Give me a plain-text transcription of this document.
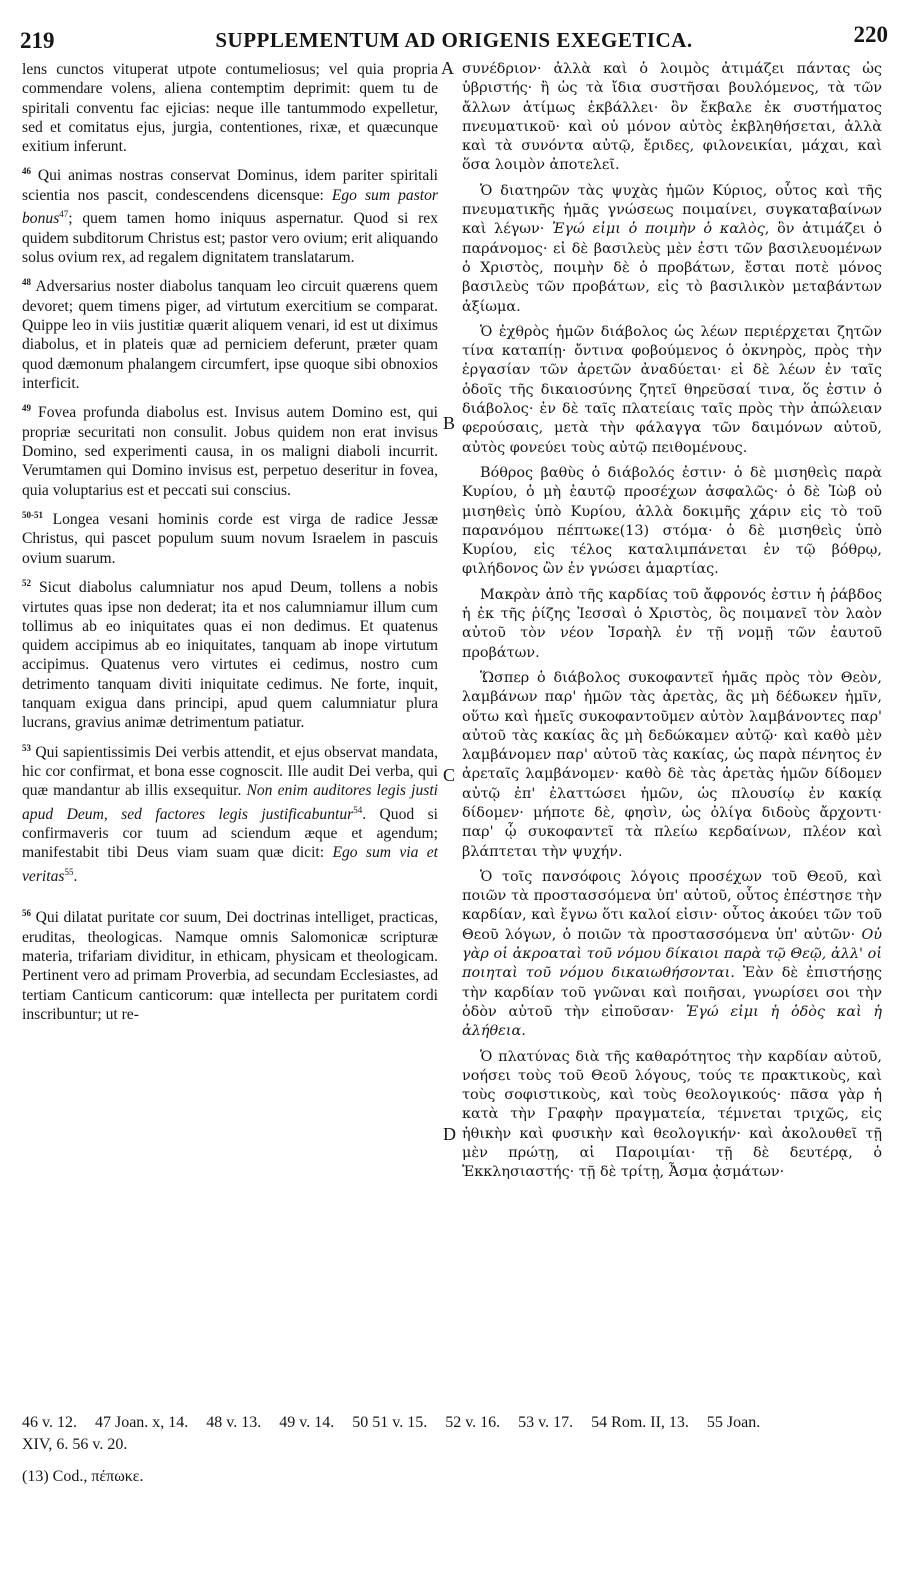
219	SUPPLEMENTUM AD ORIGENIS EXEGETICA.	220

lens cunctos vituperat utpote contumeliosus; vel quia propria commendare volens, aliena contemptim deprimit: quem tu de spiritali conventu fac ejicias: neque ille tantummodo expelletur, sed et comitatus ejus, jurgia, contentiones, rixæ, et quæcunque exitium inferunt.

$^{46}$ Qui animas nostras conservat Dominus, idem pariter spiritali scientia nos pascit, condescendens dicensque: Ego sum pastor bonus$^{47}$; quem tamen homo iniquus aspernatur. Quod si rex quidem subditorum Christus est; pastor vero ovium; erit aliquando solus ovium rex, ad regalem dignitatem translatarum.

$^{48}$ Adversarius noster diabolus tanquam leo circuit quærens quem devoret; quem timens piger, ad virtutum exercitium se comparat. Quippe leo in viis justitiæ quærit aliquem venari, id est ut diximus diabolus, et in plateis quæ ad perniciem deferunt, præter quam quod dæmonum phalangem circumfert, ipse quoque sibi obnoxios interficit.

$^{49}$ Fovea profunda diabolus est. Invisus autem Domino est, qui propriæ securitati non consulit. Jobus quidem non erat invisus Domino, sed experimenti causa, in os maligni diaboli incurrit. Verumtamen qui Domino invisus est, perpetuo deseritur in fovea, quia voluptarius est et peccati sui conscius.

$^{50-51}$ Longea vesani hominis corde est virga de radice Jessæ Christus, qui pascet populum suum novum Israelem in pascuis ovium suarum.

$^{52}$ Sicut diabolus calumniatur nos apud Deum, tollens a nobis virtutes quas ipse non dederat; ita et nos calumniamur illum cum tollimus ab eo iniquitates quas ei non dedimus. Et quatenus quidem accipimus ab eo iniquitates, tanquam ab inope virtutum accipimus. Quatenus vero virtutes ei cedimus, nostro cum detrimento tanquam diviti iniquitate cedimus. Ne forte, inquit, tanquam exigua dans principi, apud quem calumniatur plura lucrans, gravius animæ detrimentum patiatur.

$^{53}$ Qui sapientissimis Dei verbis attendit, et ejus observat mandata, hic cor confirmat, et bona esse cognoscit. Ille audit Dei verba, qui quæ mandantur ab illis exsequitur. Non enim auditores legis justi apud Deum, sed factores legis justificabuntur$^{54}$. Quod si confirmaveris cor tuum ad sciendum æque et agendum; manifestabit tibi Deus viam suam quæ dicit: Ego sum via et veritas$^{55}$.

$^{56}$ Qui dilatat puritate cor suum, Dei doctrinas intelliget, practicas, eruditas, theologicas. Namque omnis Salomonicæ scripturæ materia, trifariam dividitur, in ethicam, physicam et theologicam. Pertinent vero ad primam Proverbia, ad secundam Ecclesiastes, ad tertiam Canticum canticorum: quæ intellecta per puritatem cordi inscribuntur; ut re-

A
B
C
D

συνέδριον· ἀλλὰ καὶ ὁ λοιμὸς ἀτιμάζει πάντας ὡς ὑβριστής· ἢ ὡς τὰ ἴδια συστῆσαι βουλόμενος, τὰ τῶν ἄλλων ἀτίμως ἐκβάλλει· ὃν ἔκβαλε ἐκ συστήματος πνευματικοῦ· καὶ οὐ μόνον αὐτὸς ἐκβληθήσεται, ἀλλὰ καὶ τὰ συνόντα αὐτῷ, ἔριδες, φιλονεικίαι, μάχαι, καὶ ὅσα λοιμὸν ἀποτελεῖ.

Ὁ διατηρῶν τὰς ψυχὰς ἡμῶν Κύριος, οὗτος καὶ τῆς πνευματικῆς ἡμᾶς γνώσεως ποιμαίνει, συγκαταβαίνων καὶ λέγων· Ἐγώ εἰμι ὁ ποιμὴν ὁ καλὸς, ὃν ἀτιμάζει ὁ παράνομος· εἰ δὲ βασιλεὺς μὲν ἐστι τῶν βασιλευομένων ὁ Χριστὸς, ποιμὴν δὲ ὁ προβάτων, ἔσται ποτὲ μόνος βασιλεὺς τῶν προβάτων, εἰς τὸ βασιλικὸν μεταβάντων ἀξίωμα.

Ὁ ἐχθρὸς ἡμῶν διάβολος ὡς λέων περιέρχεται ζητῶν τίνα καταπίῃ· ὄντινα φοβούμενος ὁ ὀκνηρὸς, πρὸς τὴν ἐργασίαν τῶν ἀρετῶν ἀναδύεται· εἰ δὲ λέων ἐν ταῖς ὁδοῖς τῆς δικαιοσύνης ζητεῖ θηρεῦσαί τινα, ὅς ἐστιν ὁ διάβολος· ἐν δὲ ταῖς πλατείαις ταῖς πρὸς τὴν ἀπώλειαν φερούσαις, μετὰ τὴν φάλαγγα τῶν δαιμόνων αὐτοῦ, αὐτὸς φονεύει τοὺς αὐτῷ πειθομένους.

Βόθρος βαθὺς ὁ διάβολός ἐστιν· ὁ δὲ μισηθεὶς παρὰ Κυρίου, ὁ μὴ ἑαυτῷ προσέχων ἀσφαλῶς· ὁ δὲ Ἰὼβ οὐ μισηθεὶς ὑπὸ Κυρίου, ἀλλὰ δοκιμῆς χάριν εἰς τὸ τοῦ παρανόμου πέπτωκε(13) στόμα· ὁ δὲ μισηθεὶς ὑπὸ Κυρίου, εἰς τέλος καταλιμπάνεται ἐν τῷ βόθρῳ, φιλήδονος ὢν ἐν γνώσει ἁμαρτίας.

Μακρὰν ἀπὸ τῆς καρδίας τοῦ ἄφρονός ἐστιν ἡ ῥάβδος ἡ ἐκ τῆς ῥίζης Ἰεσσαὶ ὁ Χριστὸς, ὃς ποιμανεῖ τὸν λαὸν αὐτοῦ τὸν νέον Ἰσραὴλ ἐν τῇ νομῇ τῶν ἑαυτοῦ προβάτων.

Ὥσπερ ὁ διάβολος συκοφαντεῖ ἡμᾶς πρὸς τὸν Θεὸν, λαμβάνων παρ' ἡμῶν τὰς ἀρετὰς, ἃς μὴ δέδωκεν ἡμῖν, οὕτω καὶ ἡμεῖς συκοφαντοῦμεν αὐτὸν λαμβάνοντες παρ' αὐτοῦ τὰς κακίας ἃς μὴ δεδώκαμεν αὐτῷ· καὶ καθὸ μὲν λαμβάνομεν παρ' αὐτοῦ τὰς κακίας, ὡς παρὰ πένητος ἐν ἀρεταῖς λαμβάνομεν· καθὸ δὲ τὰς ἀρετὰς ἡμῶν δίδομεν αὐτῷ ἐπ' ἐλαττώσει ἡμῶν, ὡς πλουσίῳ ἐν κακίᾳ δίδομεν· μήποτε δὲ, φησὶν, ὡς ὀλίγα διδοὺς ἄρχοντι· παρ' ᾧ συκοφαντεῖ τὰ πλείω κερδαίνων, πλέον καὶ βλάπτεται τὴν ψυχήν.

Ὁ τοῖς πανσόφοις λόγοις προσέχων τοῦ Θεοῦ, καὶ ποιῶν τὰ προστασσόμενα ὑπ' αὐτοῦ, οὗτος ἐπέστησε τὴν καρδίαν, καὶ ἔγνω ὅτι καλοί εἰσιν· οὗτος ἀκούει τῶν τοῦ Θεοῦ λόγων, ὁ ποιῶν τὰ προστασσόμενα ὑπ' αὐτῶν· Οὐ γὰρ οἱ ἀκροαταὶ τοῦ νόμου δίκαιοι παρὰ τῷ Θεῷ, ἀλλ' οἱ ποιηταὶ τοῦ νόμου δικαιωθήσονται. Ἐὰν δὲ ἐπιστήσῃς τὴν καρδίαν τοῦ γνῶναι καὶ ποιῆσαι, γνωρίσει σοι τὴν ὁδὸν αὐτοῦ τὴν εἰποῦσαν· Ἐγώ εἰμι ἡ ὁδὸς καὶ ἡ ἀλήθεια.

Ὁ πλατύνας διὰ τῆς καθαρότητος τὴν καρδίαν αὐτοῦ, νοήσει τοὺς τοῦ Θεοῦ λόγους, τούς τε πρακτικοὺς, καὶ τοὺς σοφιστικοὺς, καὶ τοὺς θεολογικούς· πᾶσα γὰρ ἡ κατὰ τὴν Γραφὴν πραγματεία, τέμνεται τριχῶς, εἰς ἠθικὴν καὶ φυσικὴν καὶ θεολογικήν· καὶ ἀκολουθεῖ τῇ μὲν πρώτῃ, αἱ Παροιμίαι· τῇ δὲ δευτέρᾳ, ὁ Ἐκκλησιαστής· τῇ δὲ τρίτῃ, Ἆσμα ᾀσμάτων·

46 v. 12. 47 Joan. x, 14. 48 v. 13. 49 v. 14. 50 51 v. 15. 52 v. 16. 53 v. 17. 54 Rom. II, 13. 55 Joan.
XIV, 6. 56 v. 20.
(13) Cod., πέπωκε.
